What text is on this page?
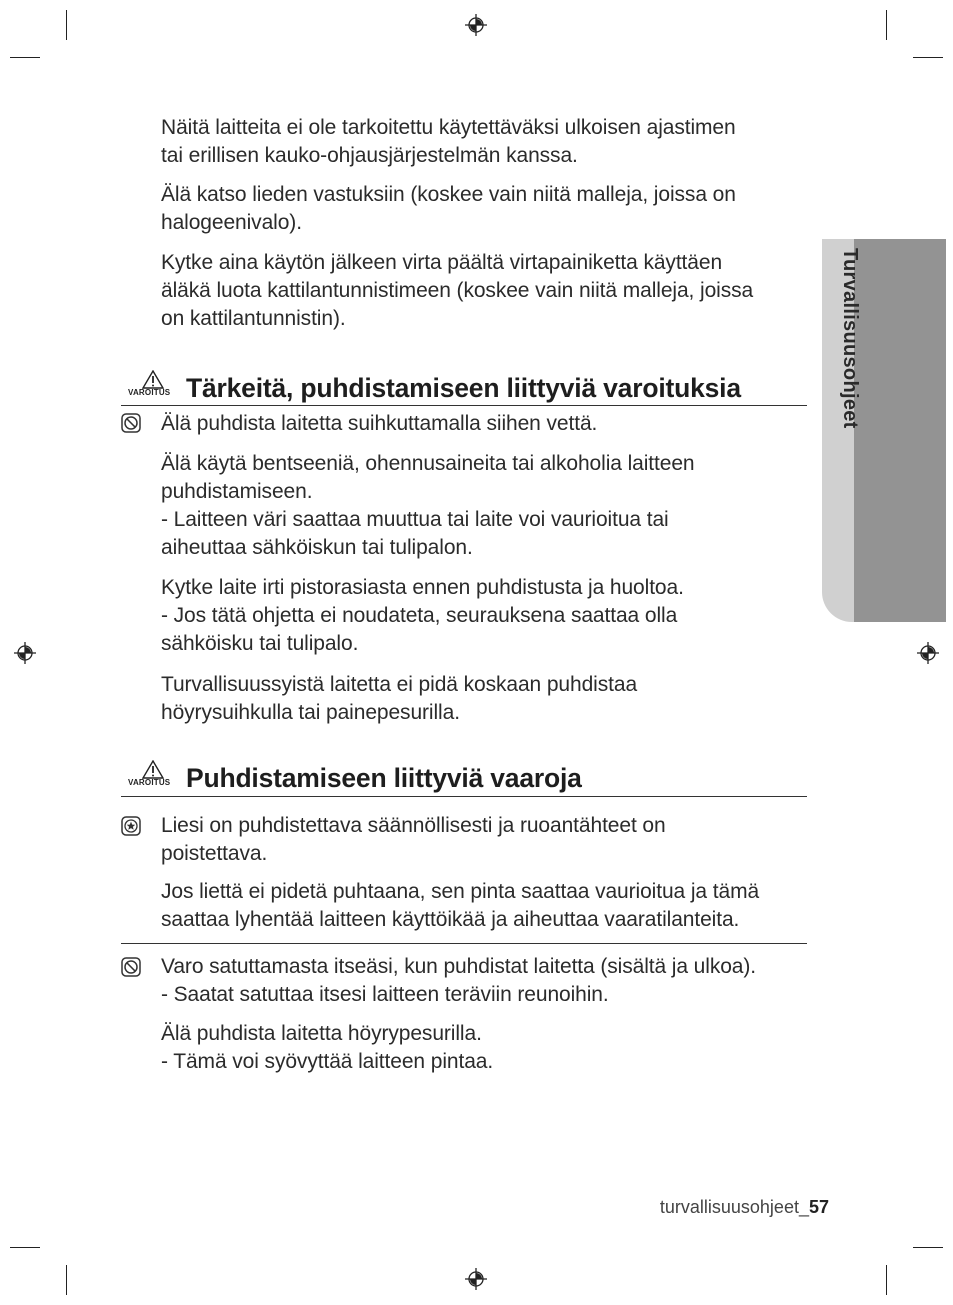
Turvallisuusohjeet

Näitä laitteita ei ole tarkoitettu käytettäväksi ulkoisen ajastimen

tai erillisen kauko-ohjausjärjestelmän kanssa.

Älä katso lieden vastuksiin (koskee vain niitä malleja, joissa on

halogeenivalo).

Kytke aina käytön jälkeen virta päältä virtapainiketta käyttäen

äläkä luota kattilantunnistimeen (koskee vain niitä malleja, joissa

on kattilantunnistin).

VAROITUS Tärkeitä, puhdistamiseen liittyviä varoituksia

Älä puhdista laitetta suihkuttamalla siihen vettä.

Älä käytä bentseeniä, ohennusaineita tai alkoholia laitteen

puhdistamiseen.

- Laitteen väri saattaa muuttua tai laite voi vaurioitua tai

aiheuttaa sähköiskun tai tulipalon.

Kytke laite irti pistorasiasta ennen puhdistusta ja huoltoa.

- Jos tätä ohjetta ei noudateta, seurauksena saattaa olla

sähköisku tai tulipalo.

Turvallisuussyistä laitetta ei pidä koskaan puhdistaa

höyrysuihkulla tai painepesurilla.

VAROITUS Puhdistamiseen liittyviä vaaroja

Liesi on puhdistettava säännöllisesti ja ruoantähteet on

poistettava.

Jos liettä ei pidetä puhtaana, sen pinta saattaa vaurioitua ja tämä

saattaa lyhentää laitteen käyttöikää ja aiheuttaa vaaratilanteita.

Varo satuttamasta itseäsi, kun puhdistat laitetta (sisältä ja ulkoa).

- Saatat satuttaa itsesi laitteen teräviin reunoihin.

Älä puhdista laitetta höyrypesurilla.

- Tämä voi syövyttää laitteen pintaa.

turvallisuusohjeet_57
